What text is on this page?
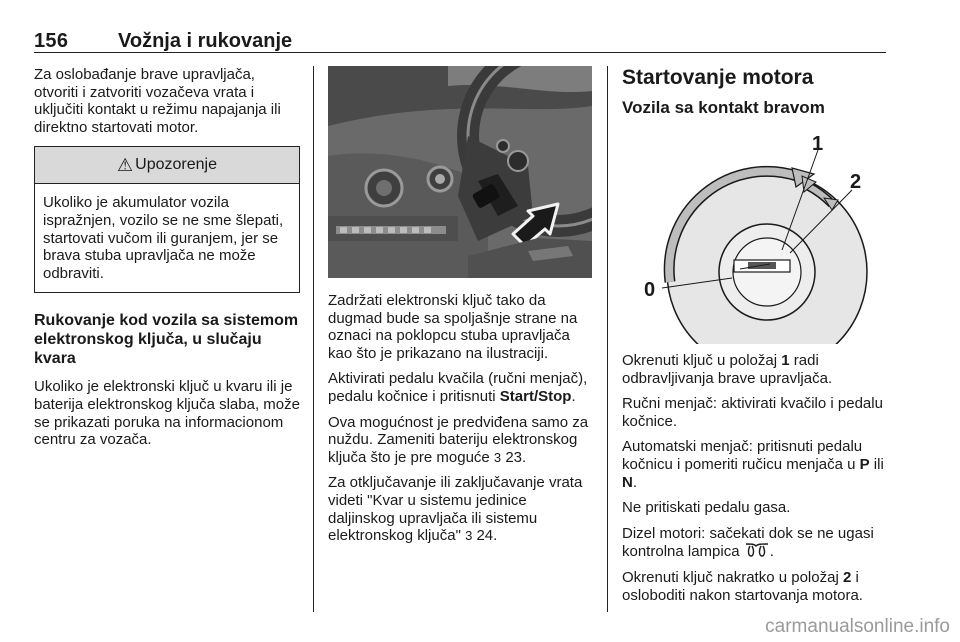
156 Vožnja i rukovanje

Za oslobađanje brave upravljača, otvoriti i zatvoriti vozačeva vrata i uključiti kontakt u režimu napajanja ili direktno startovati motor.

⚠ Upozorenje

Ukoliko je akumulator vozila ispražnjen, vozilo se ne sme šlepati, startovati vučom ili guranjem, jer se brava stuba upravljača ne može odbraviti.

Rukovanje kod vozila sa sistemom elektronskog ključa, u slučaju kvara

Ukoliko je elektronski ključ u kvaru ili je baterija elektronskog ključa slaba, može se prikazati poruka na informacionom centru za vozača.

Zadržati elektronski ključ tako da dugmad bude sa spoljašnje strane na oznaci na poklopcu stuba upravljača kao što je prikazano na ilustraciji.

Aktivirati pedalu kvačila (ručni menjač), pedalu kočnice i pritisnuti Start/Stop.

Ova mogućnost je predviđena samo za nuždu. Zameniti bateriju elektronskog ključa što je pre moguće 3 23.

Za otključavanje ili zaključavanje vrata videti "Kvar u sistemu jedinice daljinskog upravljača ili sistemu elektronskog ključa" 3 24.

Startovanje motora
Vozila sa kontakt bravom
0
1
2

Okrenuti ključ u položaj 1 radi odbravljivanja brave upravljača.

Ručni menjač: aktivirati kvačilo i pedalu kočnice.

Automatski menjač: pritisnuti pedalu kočnicu i pomeriti ručicu menjača u P ili N.

Ne pritiskati pedalu gasa.

Dizel motori: sačekati dok se ne ugasi kontrolna lampica .

Okrenuti ključ nakratko u položaj 2 i osloboditi nakon startovanja motora.

carmanualsonline.info
